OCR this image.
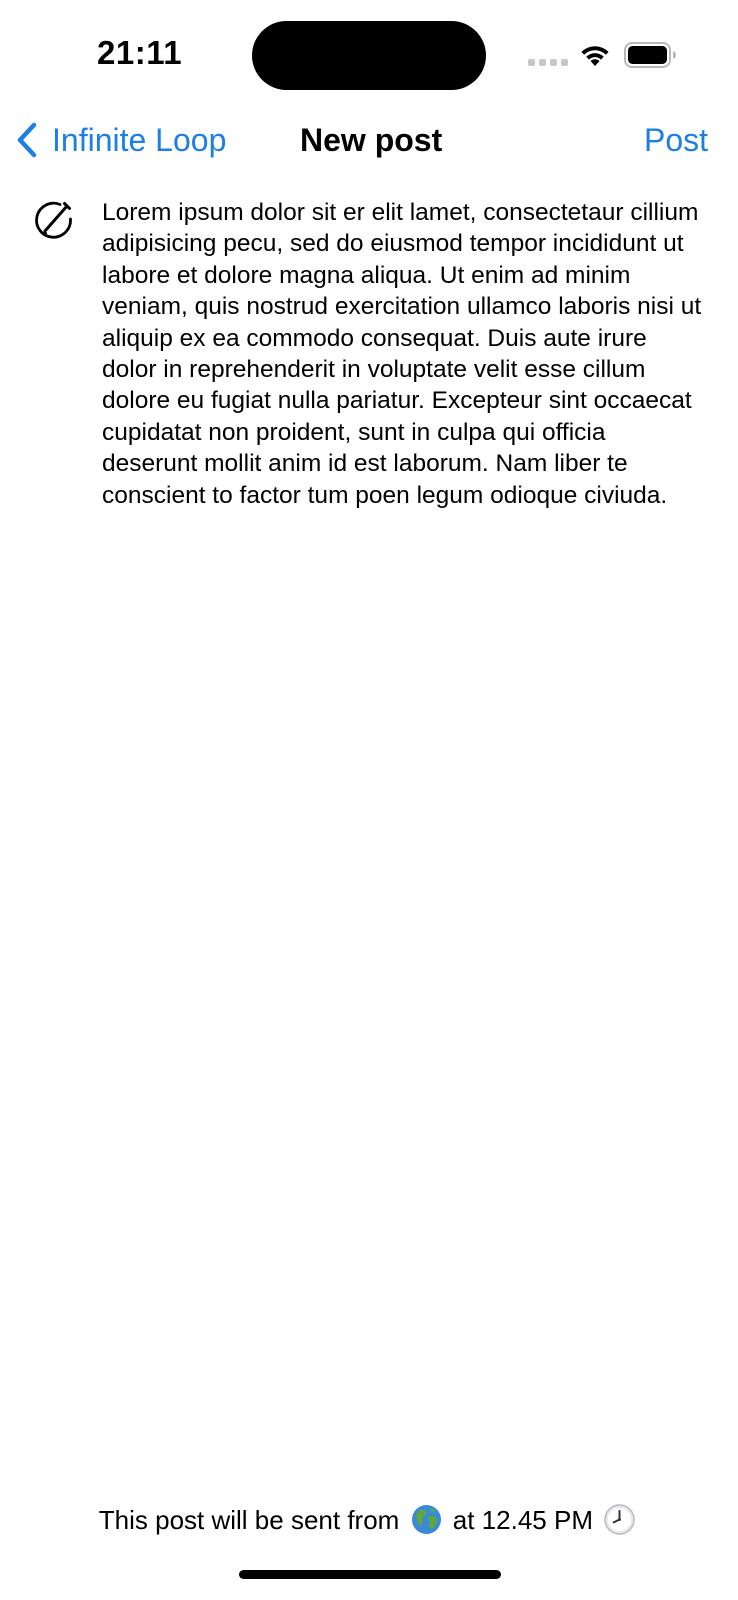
21:11
Infinite Loop New post	Post

Lorem ipsum dolor sit er elit lamet, consectetaur cillium adipisicing pecu, sed do eiusmod tempor incididunt ut labore et dolore magna aliqua. Ut enim ad minim veniam, quis nostrud exercitation ullamco laboris nisi ut aliquip ex ea commodo consequat. Duis aute irure dolor in reprehenderit in voluptate velit esse cillum dolore eu fugiat nulla pariatur. Excepteur sint occaecat cupidatat non proident, sunt in culpa qui officia deserunt mollit anim id est laborum. Nam liber te conscient to factor tum poen legum odioque civiuda.

This post will be sent from at 12.45 PM
